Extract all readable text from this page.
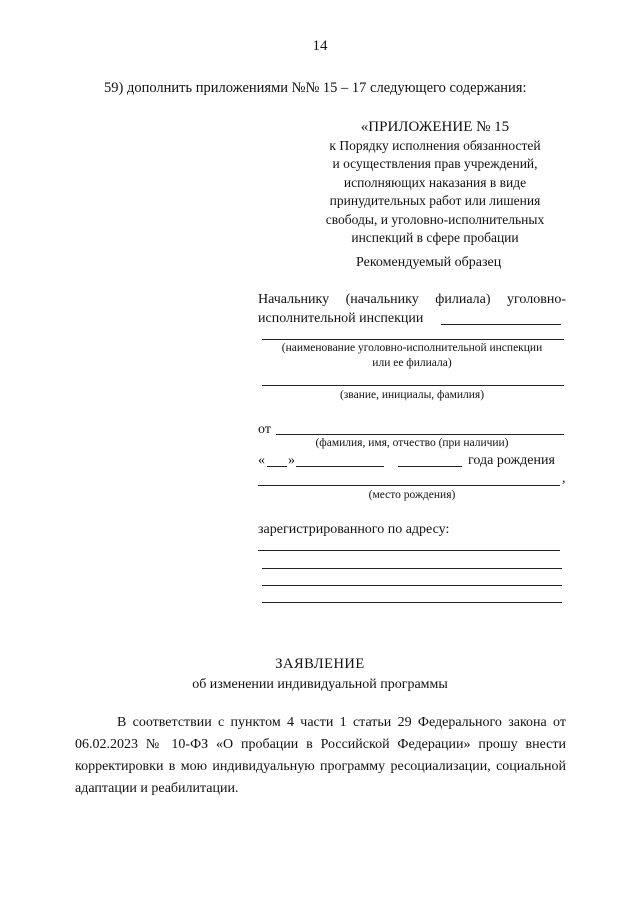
14
59) дополнить приложениями №№ 15 – 17 следующего содержания:
«ПРИЛОЖЕНИЕ № 15
к Порядку исполнения обязанностей
и осуществления прав учреждений,
исполняющих наказания в виде
принудительных работ или лишения
свободы, и уголовно-исполнительных
инспекций в сфере пробации
Рекомендуемый образец
Начальнику (начальнику филиала) уголовно-
исполнительной инспекции
(наименование уголовно-исполнительной инспекции
или ее филиала)
(звание, инициалы, фамилия)
от
(фамилия, имя, отчество (при наличии)
« »	года рождения
,
(место рождения)
зарегистрированного по адресу:
ЗАЯВЛЕНИЕ
об изменении индивидуальной программы
В соответствии с пунктом 4 части 1 статьи 29 Федерального закона от 06.02.2023 № 10-ФЗ «О пробации в Российской Федерации» прошу внести корректировки в мою индивидуальную программу ресоциализации, социальной адаптации и реабилитации.
